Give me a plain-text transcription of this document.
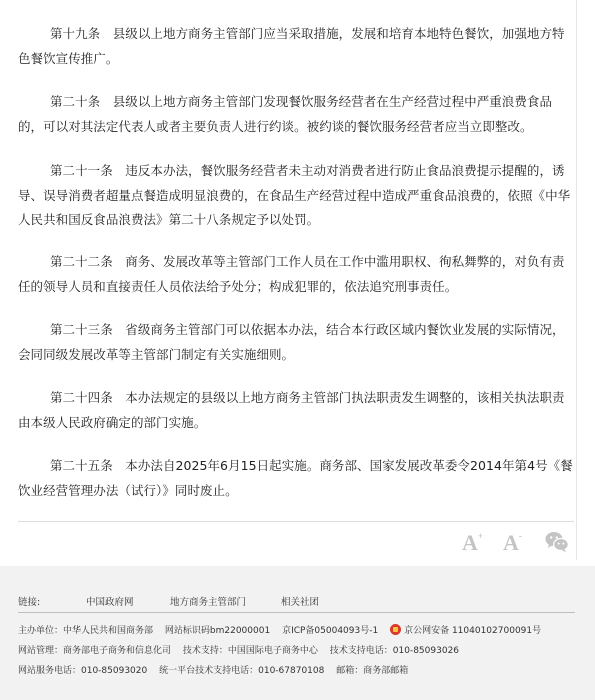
第十九条　县级以上地方商务主管部门应当采取措施，发展和培育本地特色餐饮，加强地方特色餐饮宣传推广。

第二十条　县级以上地方商务主管部门发现餐饮服务经营者在生产经营过程中严重浪费食品的，可以对其法定代表人或者主要负责人进行约谈。被约谈的餐饮服务经营者应当立即整改。

第二十一条　违反本办法，餐饮服务经营者未主动对消费者进行防止食品浪费提示提醒的，诱导、误导消费者超量点餐造成明显浪费的，在食品生产经营过程中造成严重食品浪费的，依照《中华人民共和国反食品浪费法》第二十八条规定予以处罚。

第二十二条　商务、发展改革等主管部门工作人员在工作中滥用职权、徇私舞弊的，对负有责任的领导人员和直接责任人员依法给予处分；构成犯罪的，依法追究刑事责任。

第二十三条　省级商务主管部门可以依据本办法，结合本行政区域内餐饮业发展的实际情况，会同同级发展改革等主管部门制定有关实施细则。

第二十四条　本办法规定的县级以上地方商务主管部门执法职责发生调整的，该相关执法职责由本级人民政府确定的部门实施。

第二十五条　本办法自2025年6月15日起实施。商务部、国家发展改革委令2014年第4号《餐饮业经营管理办法（试行）》同时废止。

A+ A-
链接:	中国政府网	地方商务主管部门	相关社团
主办单位：中华人民共和国商务部 网站标识码bm22000001 京ICP备05004093号-1	京公网安备 11040102700091号
网站管理：商务部电子商务和信息化司 技术支持：中国国际电子商务中心 技术支持电话：010-85093026
网站服务电话：010-85093020 统一平台技术支持电话：010-67870108 邮箱：商务部邮箱
